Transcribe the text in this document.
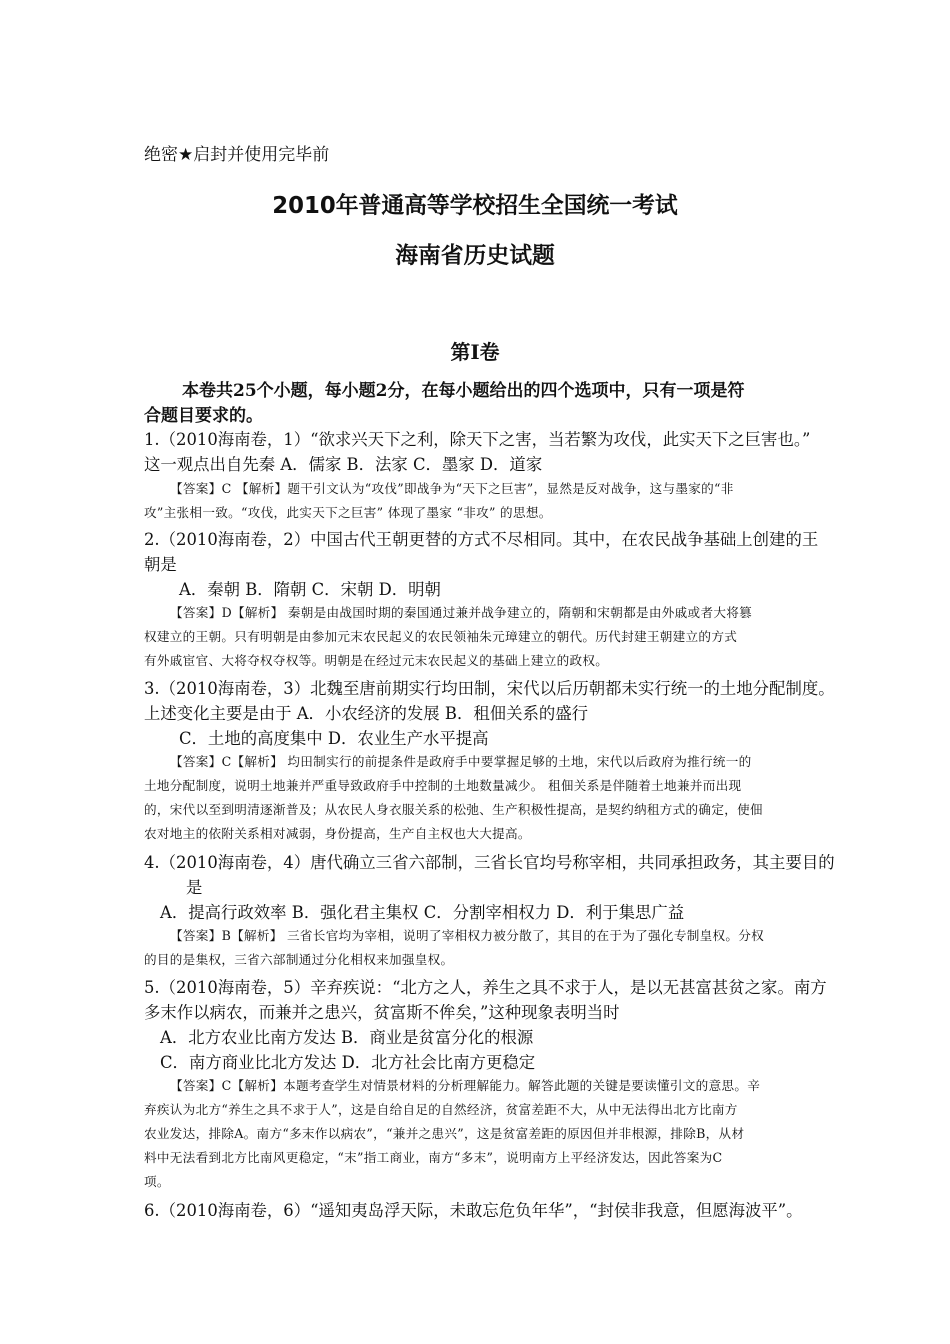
绝密★启封并使用完毕前

2010年普通高等学校招生全国统一考试

海南省历史试题

第I卷

本卷共25个小题，每小题2分，在每小题给出的四个选项中，只有一项是符

合题目要求的。

1.（2010海南卷，1）“欲求兴天下之利，除天下之害，当若繁为攻伐，此实天下之巨害也。”

这一观点出自先秦 A．儒家 B．法家 C．墨家 D．道家

【答案】C 【解析】题干引文认为“攻伐”即战争为“天下之巨害”，显然是反对战争，这与墨家的“非

攻”主张相一致。“攻伐，此实天下之巨害” 体现了墨家 “非攻” 的思想。

2.（2010海南卷，2）中国古代王朝更替的方式不尽相同。其中，在农民战争基础上创建的王

朝是

A．秦朝 B．隋朝 C．宋朝 D．明朝

【答案】D【解析】 秦朝是由战国时期的秦国通过兼并战争建立的，隋朝和宋朝都是由外戚或者大将篡

权建立的王朝。只有明朝是由参加元末农民起义的农民领袖朱元璋建立的朝代。历代封建王朝建立的方式

有外戚宦官、大将夺权夺权等。明朝是在经过元末农民起义的基础上建立的政权。

3.（2010海南卷，3）北魏至唐前期实行均田制，宋代以后历朝都未实行统一的土地分配制度。

上述变化主要是由于 A．小农经济的发展 B．租佃关系的盛行

C．土地的高度集中 D．农业生产水平提高

【答案】C【解析】 均田制实行的前提条件是政府手中要掌握足够的土地，宋代以后政府为推行统一的

土地分配制度，说明土地兼并严重导致政府手中控制的土地数量减少。 租佃关系是伴随着土地兼并而出现

的，宋代以至到明清逐渐普及；从农民人身衣服关系的松弛、生产积极性提高，是契约纳租方式的确定，使佃

农对地主的依附关系相对减弱，身份提高，生产自主权也大大提高。

4.（2010海南卷，4）唐代确立三省六部制，三省长官均号称宰相，共同承担政务，其主要目的

是

A．提高行政效率 B．强化君主集权 C．分割宰相权力 D．利于集思广益

【答案】B【解析】 三省长官均为宰相，说明了宰相权力被分散了，其目的在于为了强化专制皇权。分权

的目的是集权，三省六部制通过分化相权来加强皇权。

5.（2010海南卷，5）辛弃疾说：“北方之人，养生之具不求于人，是以无甚富甚贫之家。南方

多末作以病农，而兼并之患兴，贫富斯不侔矣，”这种现象表明当时

A．北方农业比南方发达 B．商业是贫富分化的根源

C．南方商业比北方发达 D．北方社会比南方更稳定

【答案】C【解析】本题考查学生对情景材料的分析理解能力。解答此题的关键是要读懂引文的意思。辛

弃疾认为北方“养生之具不求于人”，这是自给自足的自然经济，贫富差距不大，从中无法得出北方比南方

农业发达，排除A。南方“多末作以病农”，“兼并之患兴”，这是贫富差距的原因但并非根源，排除B，从材

料中无法看到北方比南风更稳定，“末”指工商业，南方“多末”，说明南方上平经济发达，因此答案为C

项。

6.（2010海南卷，6）“遥知夷岛浮天际，未敢忘危负年华”，“封侯非我意，但愿海波平”。
